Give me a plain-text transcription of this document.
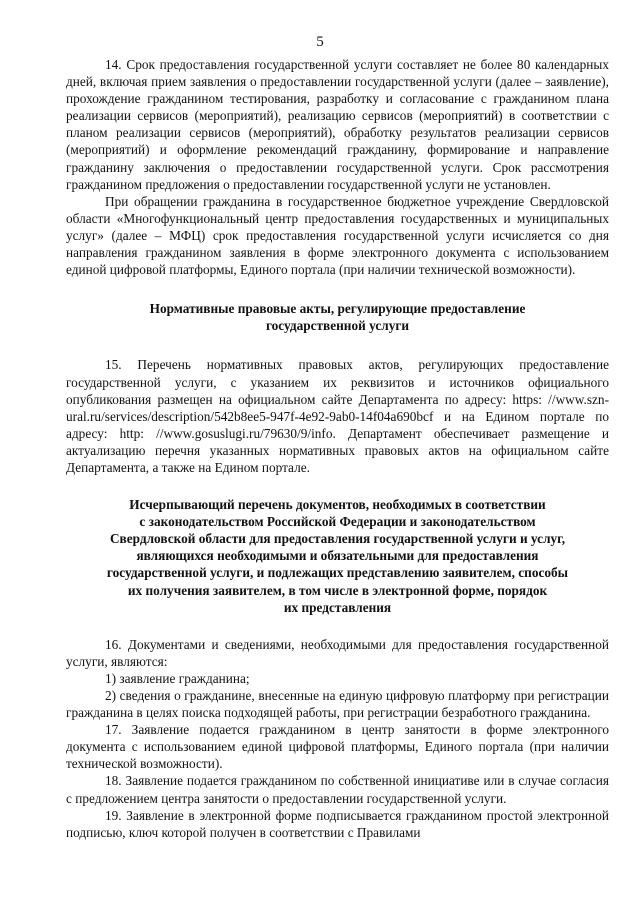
5

14. Срок предоставления государственной услуги составляет не более 80 календарных дней, включая прием заявления о предоставлении государственной услуги (далее – заявление), прохождение гражданином тестирования, разработку и согласование с гражданином плана реализации сервисов (мероприятий), реализацию сервисов (мероприятий) в соответствии с планом реализации сервисов (мероприятий), обработку результатов реализации сервисов (мероприятий) и оформление рекомендаций гражданину, формирование и направление гражданину заключения о предоставлении государственной услуги. Срок рассмотрения гражданином предложения о предоставлении государственной услуги не установлен.

При обращении гражданина в государственное бюджетное учреждение Свердловской области «Многофункциональный центр предоставления государственных и муниципальных услуг» (далее – МФЦ) срок предоставления государственной услуги исчисляется со дня направления гражданином заявления в форме электронного документа с использованием единой цифровой платформы, Единого портала (при наличии технической возможности).

Нормативные правовые акты, регулирующие предоставление
государственной услуги

15. Перечень нормативных правовых актов, регулирующих предоставление государственной услуги, с указанием их реквизитов и источников официального опубликования размещен на официальном сайте Департамента по адресу: https: //www.szn-ural.ru/services/description/542b8ee5-947f-4e92-9ab0-14f04a690bcf и на Едином портале по адресу: http: //www.gosuslugi.ru/79630/9/info. Департамент обеспечивает размещение и актуализацию перечня указанных нормативных правовых актов на официальном сайте Департамента, а также на Едином портале.

Исчерпывающий перечень документов, необходимых в соответствии
с законодательством Российской Федерации и законодательством
Свердловской области для предоставления государственной услуги и услуг,
являющихся необходимыми и обязательными для предоставления
государственной услуги, и подлежащих представлению заявителем, способы
их получения заявителем, в том числе в электронной форме, порядок
их представления

16. Документами и сведениями, необходимыми для предоставления государственной услуги, являются:

1) заявление гражданина;

2) сведения о гражданине, внесенные на единую цифровую платформу при регистрации гражданина в целях поиска подходящей работы, при регистрации безработного гражданина.

17. Заявление подается гражданином в центр занятости в форме электронного документа с использованием единой цифровой платформы, Единого портала (при наличии технической возможности).

18. Заявление подается гражданином по собственной инициативе или в случае согласия с предложением центра занятости о предоставлении государственной услуги.

19. Заявление в электронной форме подписывается гражданином простой электронной подписью, ключ которой получен в соответствии с Правилами
